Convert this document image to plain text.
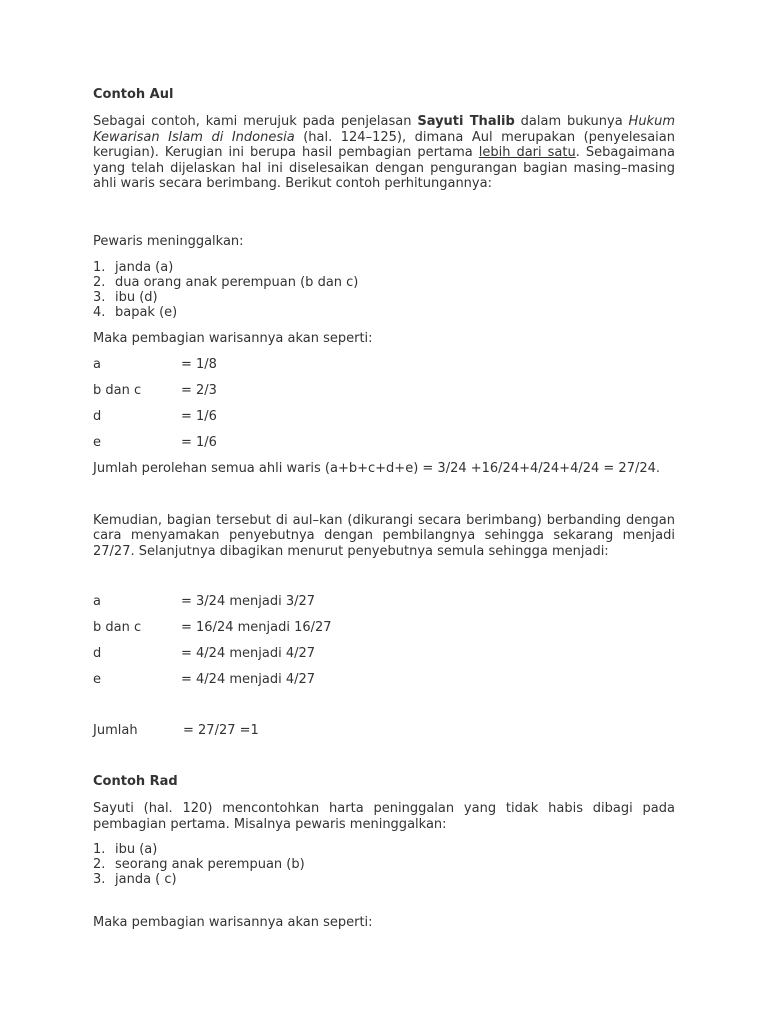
Contoh Aul

Sebagai contoh, kami merujuk pada penjelasan Sayuti Thalib dalam bukunya Hukum Kewarisan Islam di Indonesia (hal. 124–125), dimana Aul merupakan (penyelesaian kerugian). Kerugian ini berupa hasil pembagian pertama lebih dari satu. Sebagaimana yang telah dijelaskan hal ini diselesaikan dengan pengurangan bagian masing–masing ahli waris secara berimbang. Berikut contoh perhitungannya:

Pewaris meninggalkan:

1. janda (a)
2. dua orang anak perempuan (b dan c)
3. ibu (d)
4. bapak (e)

Maka pembagian warisannya akan seperti:

a	= 1/8
b dan c	= 2/3
d	= 1/6
e	= 1/6

Jumlah perolehan semua ahli waris (a+b+c+d+e) = 3/24 +16/24+4/24+4/24 = 27/24.

Kemudian, bagian tersebut di aul–kan (dikurangi secara berimbang) berbanding dengan cara menyamakan penyebutnya dengan pembilangnya sehingga sekarang menjadi 27/27. Selanjutnya dibagikan menurut penyebutnya semula sehingga menjadi:

a	= 3/24 menjadi 3/27
b dan c	= 16/24 menjadi 16/27
d	= 4/24 menjadi 4/27
e	= 4/24 menjadi 4/27
Jumlah	= 27/27 =1
Contoh Rad

Sayuti (hal. 120) mencontohkan harta peninggalan yang tidak habis dibagi pada pembagian pertama. Misalnya pewaris meninggalkan:

1. ibu (a)
2. seorang anak perempuan (b)
3. janda ( c)

Maka pembagian warisannya akan seperti:
